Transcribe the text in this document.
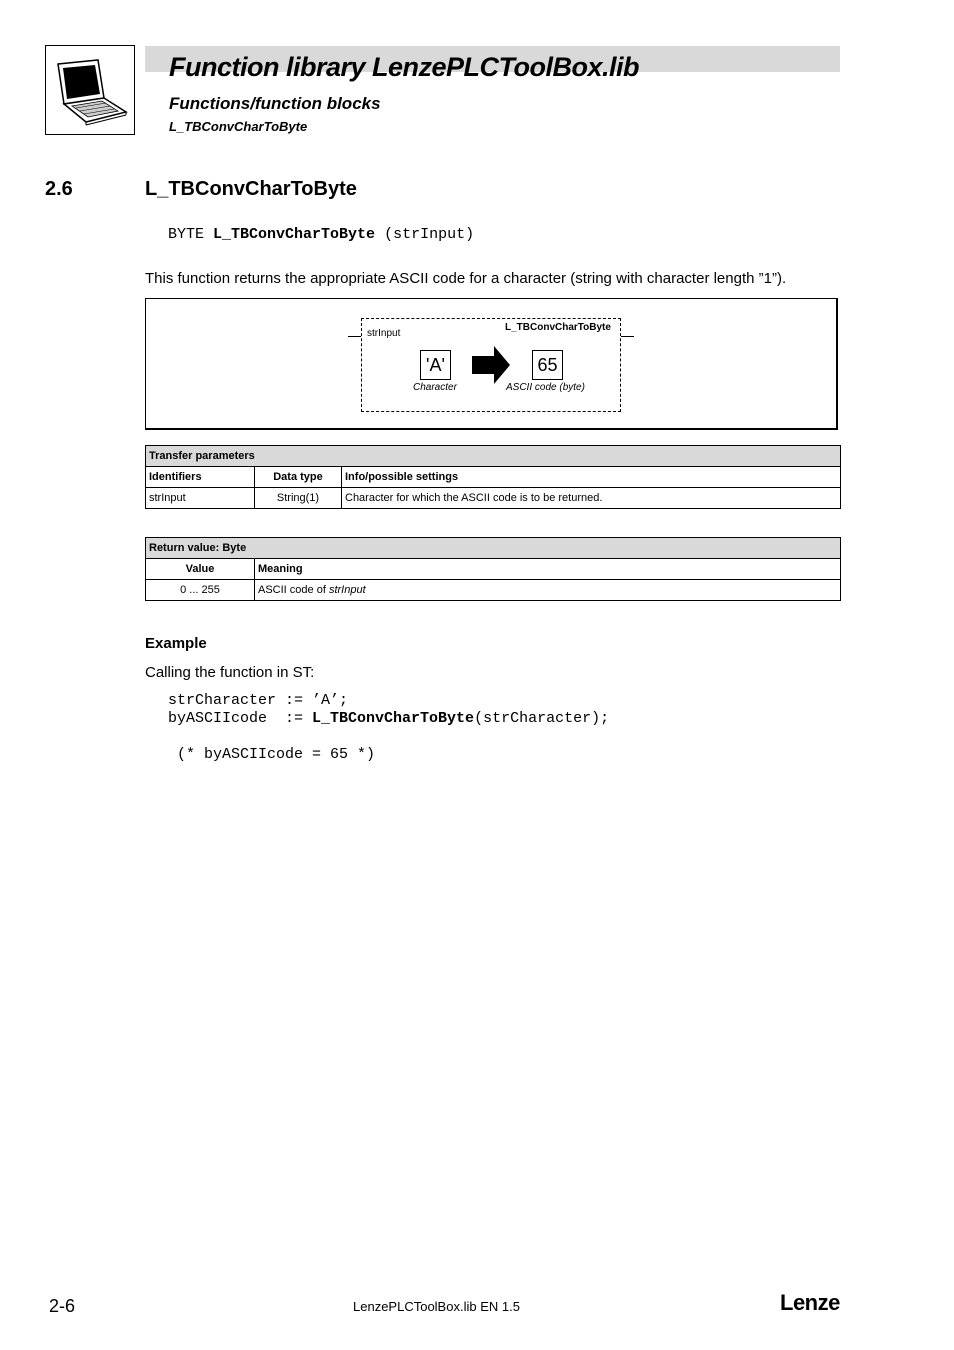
Function library LenzePLCToolBox.lib
Functions/function blocks
L_TBConvCharToByte
2.6	L_TBConvCharToByte
BYTE L_TBConvCharToByte (strInput)
This function returns the appropriate ASCII code for a character (string with character length ”1”).
strInput
L_TBConvCharToByte
'A'	65
Character	ASCII code (byte)
Transfer parameters		
Identifiers	Data type	Info/possible settings
strInput	String(1)	Character for which the ASCII code is to be returned.
Return value: Byte	
Value	Meaning
0 ... 255	ASCII code of strInput
Example
Calling the function in ST:
strCharacter := ’A’;
byASCIIcode  := L_TBConvCharToByte(strCharacter);

(* byASCIIcode = 65 *)
2-6	LenzePLCToolBox.lib EN 1.5	Lenze
